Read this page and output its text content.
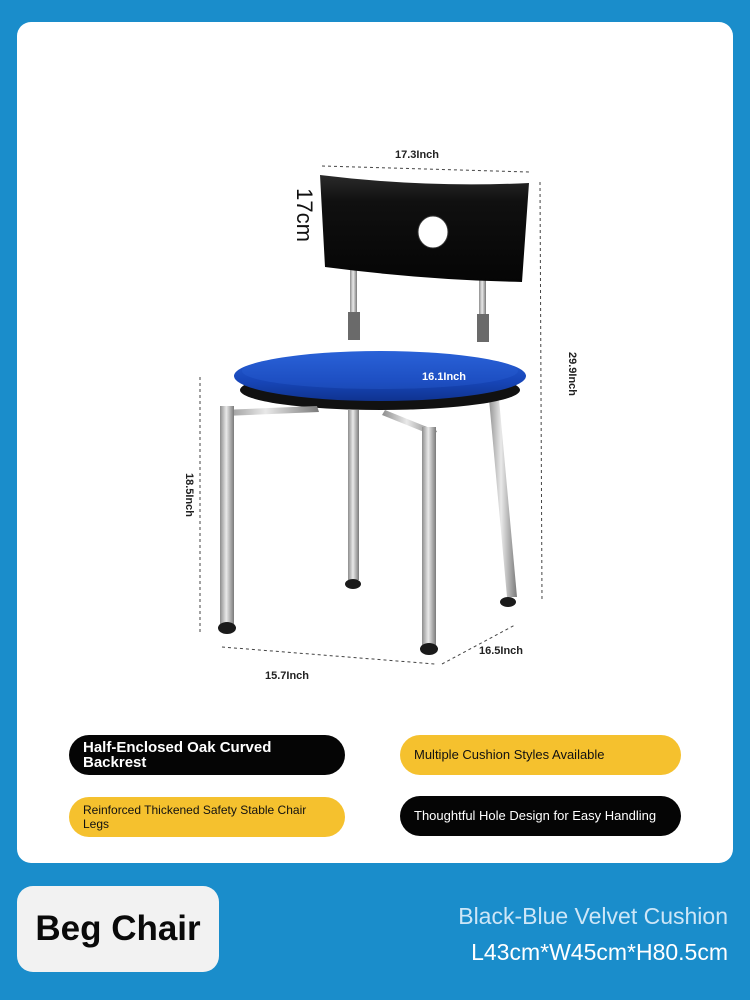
17.3Inch
17cm
16.1Inch	29.9Inch
18.5Inch
15.7Inch
16.5Inch
Half-Enclosed Oak Curved Backrest	Multiple Cushion Styles Available
Reinforced Thickened Safety Stable Chair Legs
Thoughtful Hole Design for Easy Handling
Beg Chair	Black-Blue Velvet Cushion
L43cm*W45cm*H80.5cm
